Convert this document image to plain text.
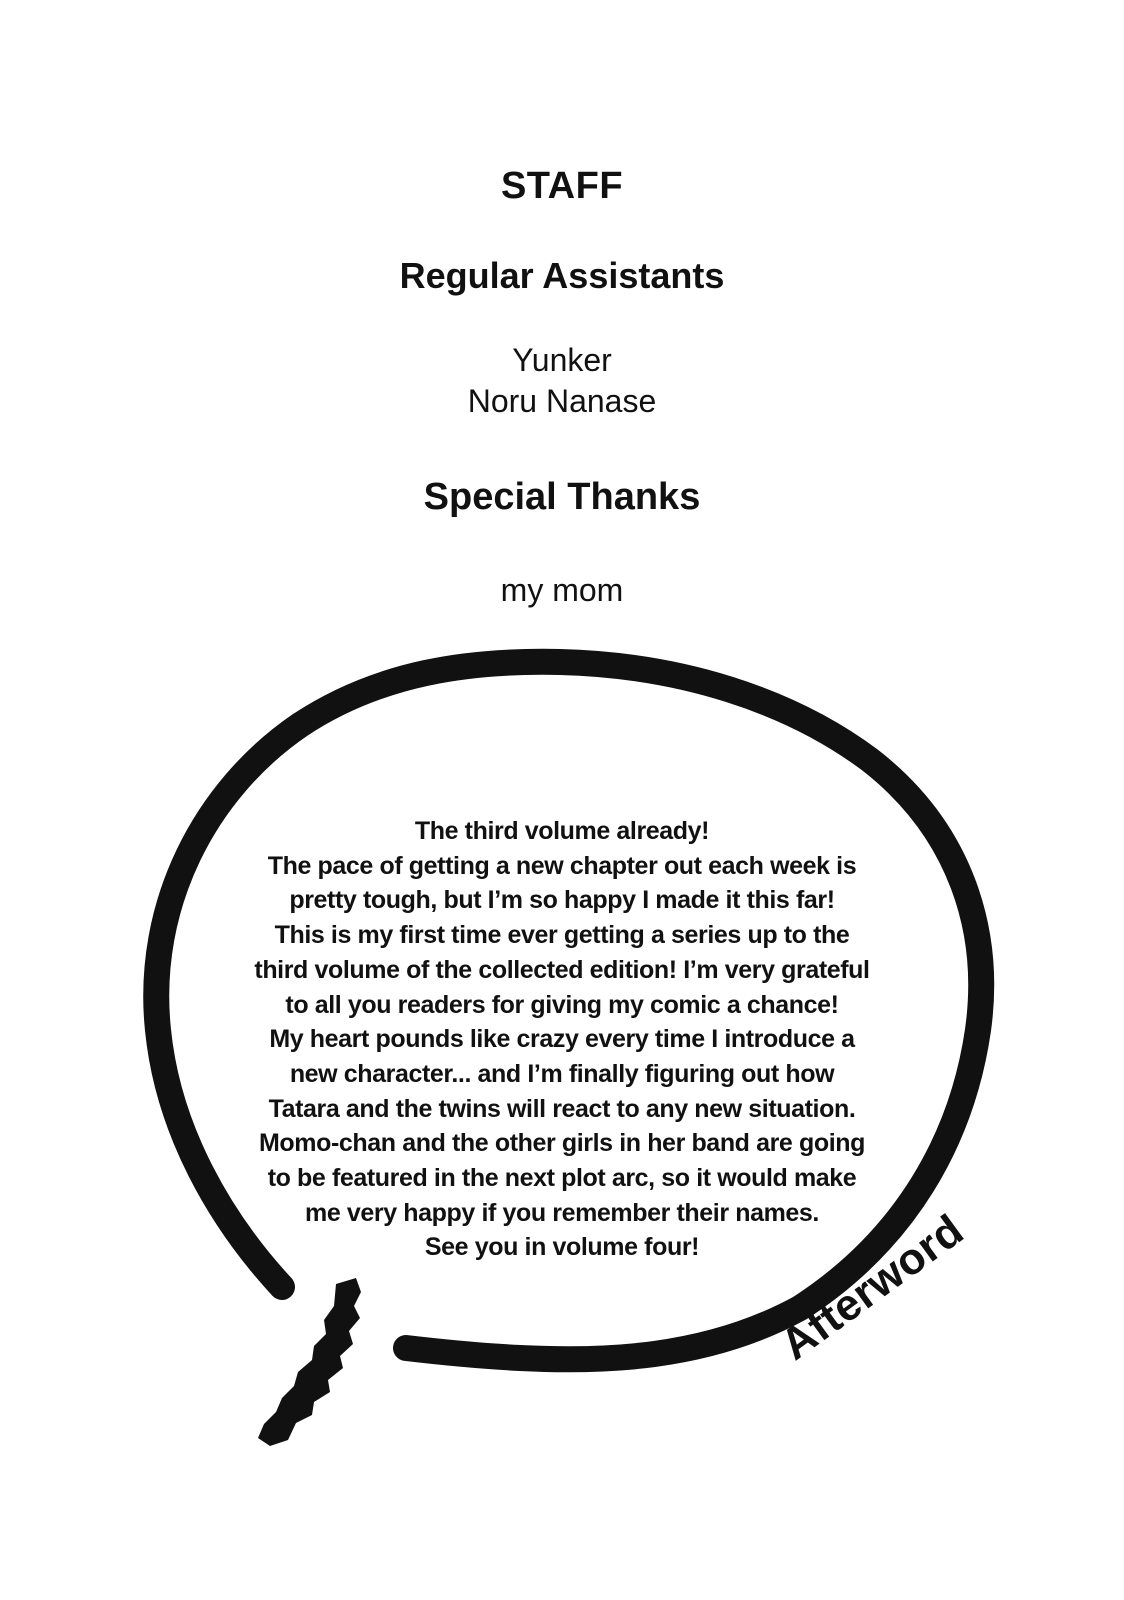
STAFF
Regular Assistants
Yunker
Noru Nanase
Special Thanks
my mom
The third volume already!
The pace of getting a new chapter out each week is
pretty tough, but I’m so happy I made it this far!
This is my first time ever getting a series up to the
third volume of the collected edition! I’m very grateful
to all you readers for giving my comic a chance!
My heart pounds like crazy every time I introduce a
new character... and I’m finally figuring out how
Tatara and the twins will react to any new situation.
Momo-chan and the other girls in her band are going
to be featured in the next plot arc, so it would make
me very happy if you remember their names.
See you in volume four!	Afterword
